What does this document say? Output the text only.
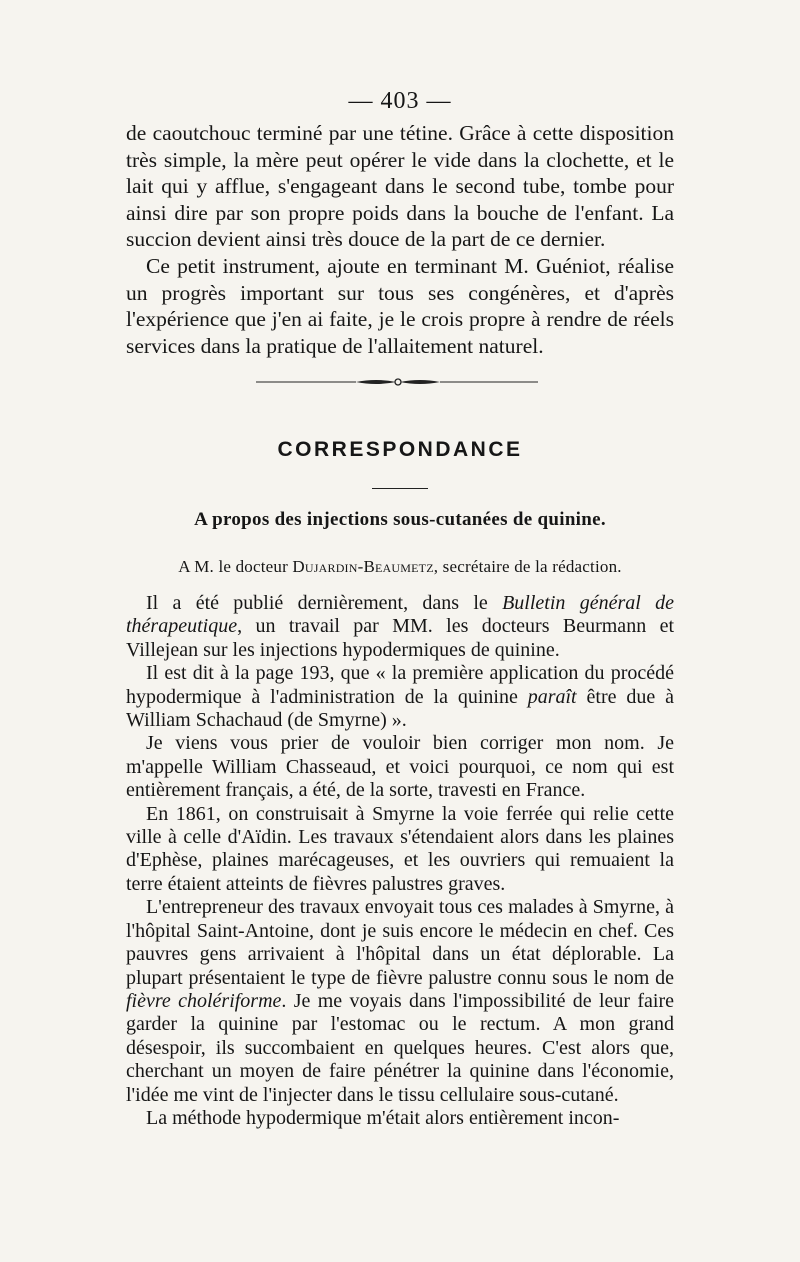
— 403 —

de caoutchouc terminé par une tétine. Grâce à cette disposition très simple, la mère peut opérer le vide dans la clochette, et le lait qui y afflue, s'engageant dans le second tube, tombe pour ainsi dire par son propre poids dans la bouche de l'enfant. La succion devient ainsi très douce de la part de ce dernier.

Ce petit instrument, ajoute en terminant M. Guéniot, réalise un progrès important sur tous ses congénères, et d'après l'expérience que j'en ai faite, je le crois propre à rendre de réels services dans la pratique de l'allaitement naturel.

CORRESPONDANCE
A propos des injections sous-cutanées de quinine.
A M. le docteur Dujardin-Beaumetz, secrétaire de la rédaction.

Il a été publié dernièrement, dans le Bulletin général de thérapeutique, un travail par MM. les docteurs Beurmann et Villejean sur les injections hypodermiques de quinine.

Il est dit à la page 193, que « la première application du procédé hypodermique à l'administration de la quinine paraît être due à William Schachaud (de Smyrne) ».

Je viens vous prier de vouloir bien corriger mon nom. Je m'appelle William Chasseaud, et voici pourquoi, ce nom qui est entièrement français, a été, de la sorte, travesti en France.

En 1861, on construisait à Smyrne la voie ferrée qui relie cette ville à celle d'Aïdin. Les travaux s'étendaient alors dans les plaines d'Ephèse, plaines marécageuses, et les ouvriers qui remuaient la terre étaient atteints de fièvres palustres graves.

L'entrepreneur des travaux envoyait tous ces malades à Smyrne, à l'hôpital Saint-Antoine, dont je suis encore le médecin en chef. Ces pauvres gens arrivaient à l'hôpital dans un état déplorable. La plupart présentaient le type de fièvre palustre connu sous le nom de fièvre cholériforme. Je me voyais dans l'impossibilité de leur faire garder la quinine par l'estomac ou le rectum. A mon grand désespoir, ils succombaient en quelques heures. C'est alors que, cherchant un moyen de faire pénétrer la quinine dans l'économie, l'idée me vint de l'injecter dans le tissu cellulaire sous-cutané.

La méthode hypodermique m'était alors entièrement incon-
